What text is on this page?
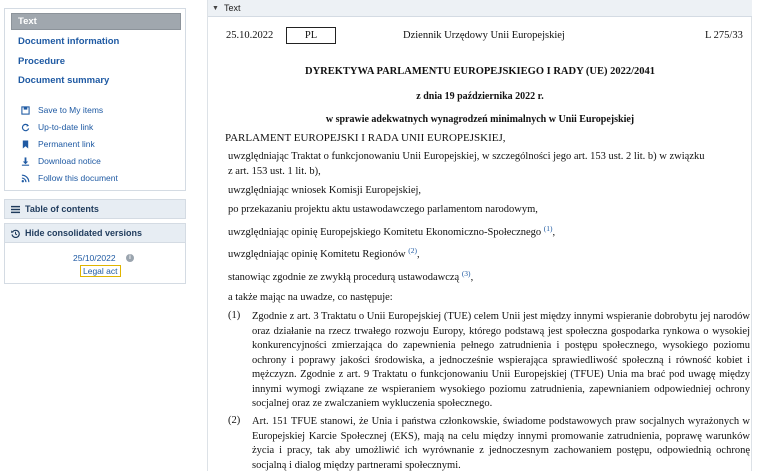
Text
Document information
Procedure
Document summary
Save to My items
Up-to-date link
Permanent link
Download notice
Follow this document
Table of contents
Hide consolidated versions
25/10/2022	i
Legal act
▼ Text
25.10.2022	PL	Dziennik Urzędowy Unii Europejskiej	L 275/33
DYREKTYWA PARLAMENTU EUROPEJSKIEGO I RADY (UE) 2022/2041
z dnia 19 października 2022 r.
w sprawie adekwatnych wynagrodzeń minimalnych w Unii Europejskiej
PARLAMENT EUROPEJSKI I RADA UNII EUROPEJSKIEJ,
uwzględniając Traktat o funkcjonowaniu Unii Europejskiej, w szczególności jego art. 153 ust. 2 lit. b) w związku
z art. 153 ust. 1 lit. b),
uwzględniając wniosek Komisji Europejskiej,
po przekazaniu projektu aktu ustawodawczego parlamentom narodowym,
uwzględniając opinię Europejskiego Komitetu Ekonomiczno-Społecznego $^{(1)}$,
uwzględniając opinię Komitetu Regionów $^{(2)}$,
stanowiąc zgodnie ze zwykłą procedurą ustawodawczą $^{(3)}$,
a także mając na uwadze, co następuje:
(1) Zgodnie z art. 3 Traktatu o Unii Europejskiej (TUE) celem Unii jest między innymi wspieranie dobrobytu jej narodów oraz działanie na rzecz trwałego rozwoju Europy, którego podstawą jest społeczna gospodarka rynkowa o wysokiej konkurencyjności zmierzająca do zapewnienia pełnego zatrudnienia i postępu społecznego, wysokiego poziomu ochrony i poprawy jakości środowiska, a jednocześnie wspierająca sprawiedliwość społeczną i równość kobiet i mężczyzn. Zgodnie z art. 9 Traktatu o funkcjonowaniu Unii Europejskiej (TFUE) Unia ma brać pod uwagę między innymi wymogi związane ze wspieraniem wysokiego poziomu zatrudnienia, zapewnianiem odpowiedniej ochrony socjalnej oraz ze zwalczaniem wykluczenia społecznego.
(2) Art. 151 TFUE stanowi, że Unia i państwa członkowskie, świadome podstawowych praw socjalnych wyrażonych w Europejskiej Karcie Społecznej (EKS), mają na celu między innymi promowanie zatrudnienia, poprawę warunków życia i pracy, tak aby umożliwić ich wyrównanie z jednoczesnym zachowaniem postępu, odpowiednią ochronę socjalną i dialog między partnerami społecznymi.
